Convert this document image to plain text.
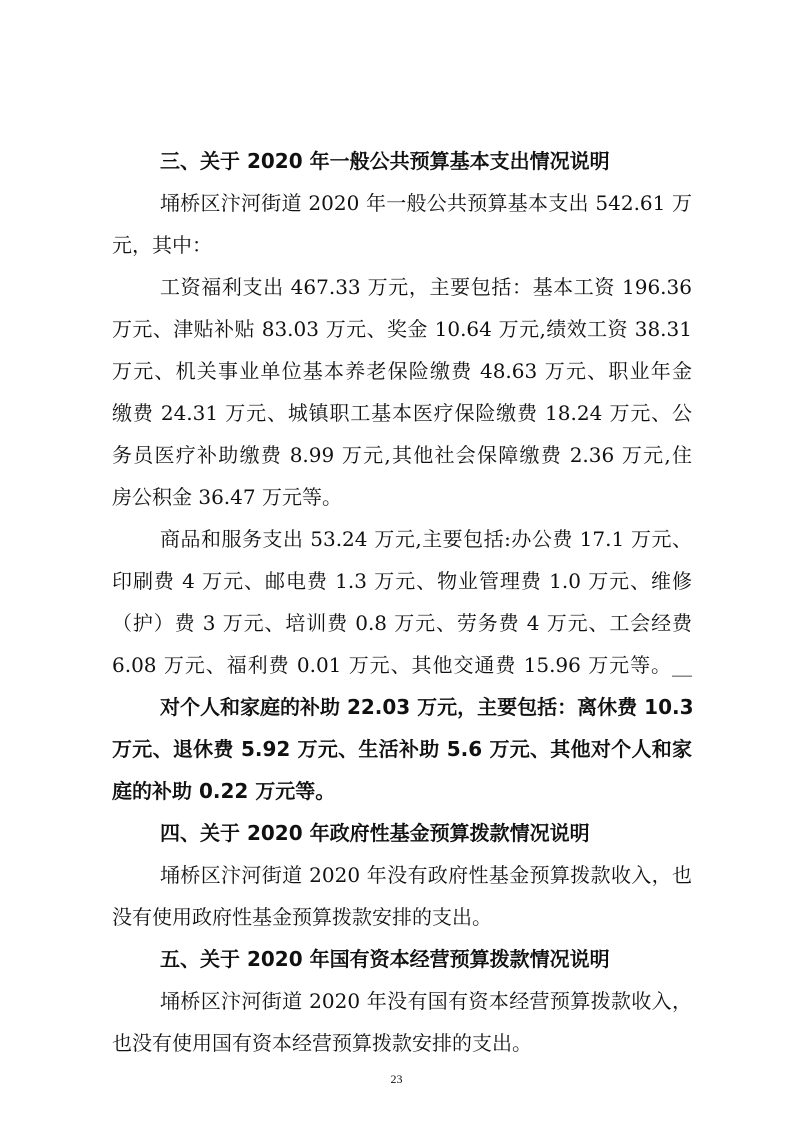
三、关于 2020 年一般公共预算基本支出情况说明
埇桥区汴河街道 2020 年一般公共预算基本支出 542.61 万
元，其中：
工资福利支出 467.33 万元，主要包括：基本工资 196.36
万元、津贴补贴 83.03 万元、奖金 10.64 万元,绩效工资 38.31
万元、机关事业单位基本养老保险缴费 48.63 万元、职业年金
缴费 24.31 万元、城镇职工基本医疗保险缴费 18.24 万元、公
务员医疗补助缴费 8.99 万元,其他社会保障缴费 2.36 万元,住
房公积金 36.47 万元等。
商品和服务支出 53.24 万元,主要包括:办公费 17.1 万元、
印刷费 4 万元、邮电费 1.3 万元、物业管理费 1.0 万元、维修
（护）费 3 万元、培训费 0.8 万元、劳务费 4 万元、工会经费
6.08 万元、福利费 0.01 万元、其他交通费 15.96 万元等。__
对个人和家庭的补助 22.03 万元，主要包括：离休费 10.3
万元、退休费 5.92 万元、生活补助 5.6 万元、其他对个人和家
庭的补助 0.22 万元等。
四、关于 2020 年政府性基金预算拨款情况说明
埇桥区汴河街道 2020 年没有政府性基金预算拨款收入，也
没有使用政府性基金预算拨款安排的支出。
五、关于 2020 年国有资本经营预算拨款情况说明
埇桥区汴河街道 2020 年没有国有资本经营预算拨款收入，
也没有使用国有资本经营预算拨款安排的支出。
23
